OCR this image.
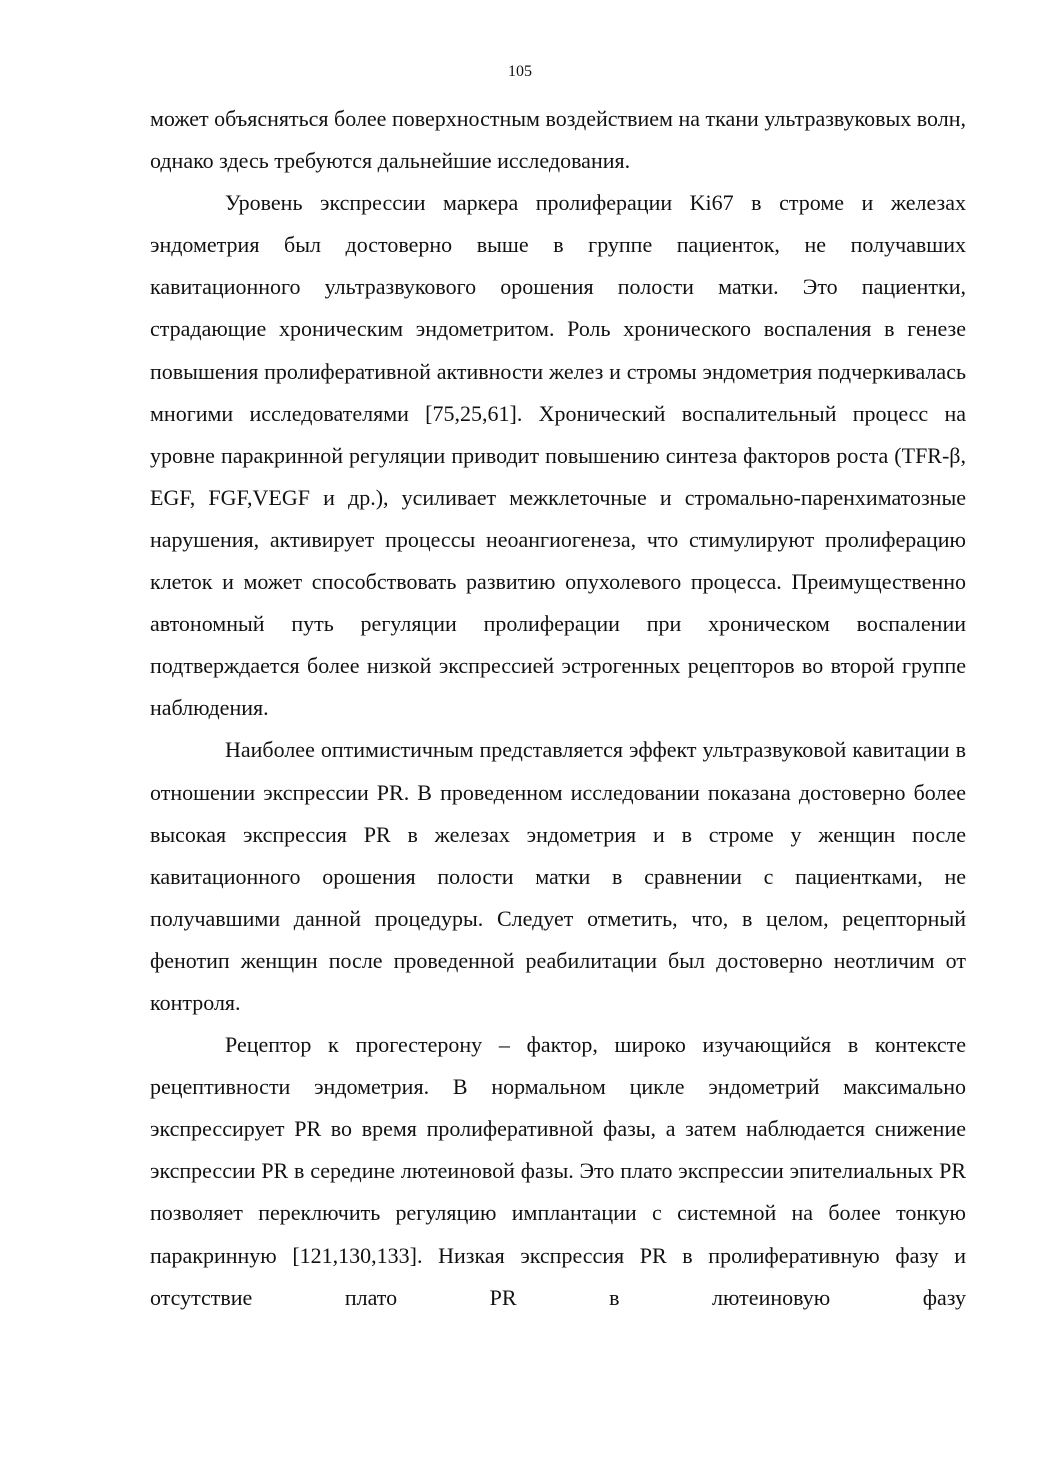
105

может объясняться более поверхностным воздействием на ткани ультразвуковых волн, однако здесь требуются дальнейшие исследования.

Уровень экспрессии маркера пролиферации Ki67 в строме и железах эндометрия был достоверно выше в группе пациенток, не получавших кавитационного ультразвукового орошения полости матки. Это пациентки, страдающие хроническим эндометритом. Роль хронического воспаления в генезе повышения пролиферативной активности желез и стромы эндометрия подчеркивалась многими исследователями [75,25,61]. Хронический воспалительный процесс на уровне паракринной регуляции приводит повышению синтеза факторов роста (TFR-β, EGF, FGF,VEGF и др.), усиливает межклеточные и стромально-паренхиматозные нарушения, активирует процессы неоангиогенеза, что стимулируют пролиферацию клеток и может способствовать развитию опухолевого процесса. Преимущественно автономный путь регуляции пролиферации при хроническом воспалении подтверждается более низкой экспрессией эстрогенных рецепторов во второй группе наблюдения.

Наиболее оптимистичным представляется эффект ультразвуковой кавитации в отношении экспрессии PR. В проведенном исследовании показана достоверно более высокая экспрессия PR в железах эндометрия и в строме у женщин после кавитационного орошения полости матки в сравнении с пациентками, не получавшими данной процедуры. Следует отметить, что, в целом, рецепторный фенотип женщин после проведенной реабилитации был достоверно неотличим от контроля.

Рецептор к прогестерону – фактор, широко изучающийся в контексте рецептивности эндометрия. В нормальном цикле эндометрий максимально экспрессирует PR во время пролиферативной фазы, а затем наблюдается снижение экспрессии PR в середине лютеиновой фазы. Это плато экспрессии эпителиальных PR позволяет переключить регуляцию имплантации с системной на более тонкую паракринную [121,130,133]. Низкая экспрессия PR в пролиферативную фазу и отсутствие плато PR в лютеиновую фазу
